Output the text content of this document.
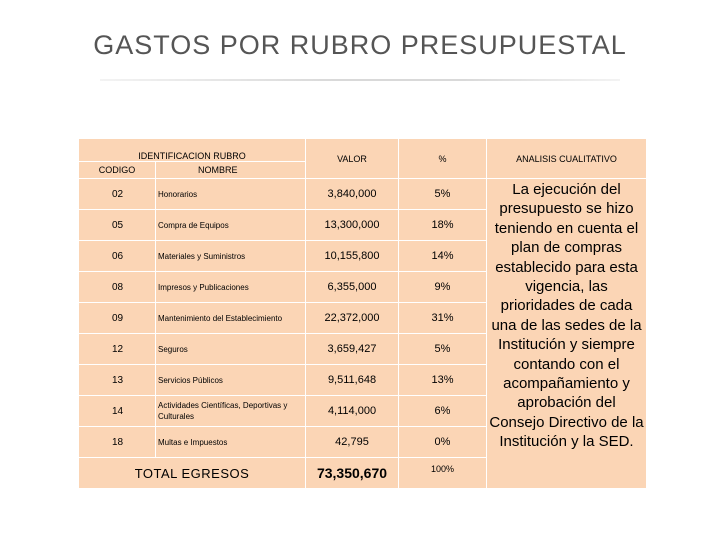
GASTOS POR RUBRO PRESUPUESTAL
IDENTIFICACION RUBRO		VALOR	%	ANALISIS CUALITATIVO
CODIGO	NOMBRE			
02	Honorarios	3,840,000	5%	La ejecución del presupuesto se hizo teniendo en cuenta el plan de compras establecido para esta vigencia, las prioridades de cada una de las sedes de la Institución y siempre contando con el acompañamiento y aprobación del Consejo Directivo de la Institución y la SED.
05	Compra de Equipos	13,300,000	18%	
06	Materiales y Suministros	10,155,800	14%	
08	Impresos y Publicaciones	6,355,000	9%	
09	Mantenimiento del Establecimiento	22,372,000	31%	
12	Seguros	3,659,427	5%	
13	Servicios Públicos	9,511,648	13%	
14	Actividades Científicas, Deportivas y Culturales	4,114,000	6%	
18	Multas e Impuestos	42,795	0%	
TOTAL EGRESOS		73,350,670	100%	
